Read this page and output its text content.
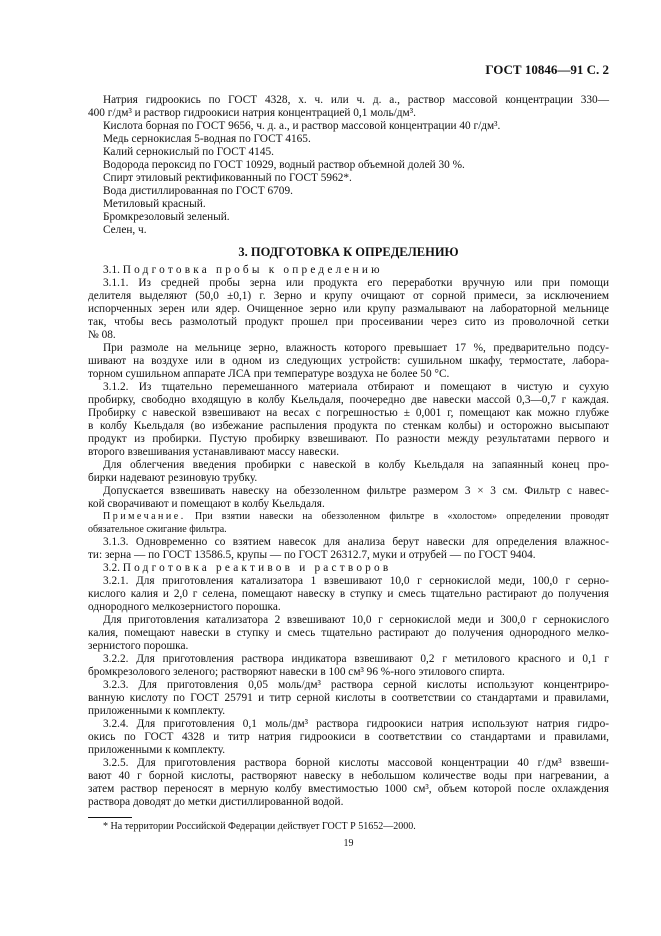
ГОСТ 10846—91 С. 2
Натрия гидроокись по ГОСТ 4328, х. ч. или ч. д. а., раствор массовой концентрации 330—
400 г/дм³ и раствор гидроокиси натрия концентрацией 0,1 моль/дм³.
Кислота борная по ГОСТ 9656, ч. д. а., и раствор массовой концентрации 40 г/дм³.
Медь сернокислая 5-водная по ГОСТ 4165.
Калий сернокислый по ГОСТ 4145.
Водорода пероксид по ГОСТ 10929, водный раствор объемной долей 30 %.
Спирт этиловый ректификованный по ГОСТ 5962*.
Вода дистиллированная по ГОСТ 6709.
Метиловый красный.
Бромкрезоловый зеленый.
Селен, ч.
3. ПОДГОТОВКА К ОПРЕДЕЛЕНИЮ
3.1. Подготовка пробы к определению
3.1.1. Из средней пробы зерна или продукта его переработки вручную или при помощи
делителя выделяют (50,0 ±0,1) г. Зерно и крупу очищают от сорной примеси, за исключением
испорченных зерен или ядер. Очищенное зерно или крупу размалывают на лабораторной мельнице
так, чтобы весь размолотый продукт прошел при просеивании через сито из проволочной сетки
№ 08.
При размоле на мельнице зерно, влажность которого превышает 17 %, предварительно подсу-
шивают на воздухе или в одном из следующих устройств: сушильном шкафу, термостате, лабора-
торном сушильном аппарате ЛСА при температуре воздуха не более 50 °С.
3.1.2. Из тщательно перемешанного материала отбирают и помещают в чистую и сухую
пробирку, свободно входящую в колбу Кьельдаля, поочередно две навески массой 0,3—0,7 г каждая.
Пробирку с навеской взвешивают на весах с погрешностью ± 0,001 г, помещают как можно глубже
в колбу Кьельдаля (во избежание распыления продукта по стенкам колбы) и осторожно высыпают
продукт из пробирки. Пустую пробирку взвешивают. По разности между результатами первого и
второго взвешивания устанавливают массу навески.
Для облегчения введения пробирки с навеской в колбу Кьельдаля на запаянный конец про-
бирки надевают резиновую трубку.
Допускается взвешивать навеску на обеззоленном фильтре размером 3 × 3 см. Фильтр с навес-
кой сворачивают и помещают в колбу Кьельдаля.
Примечание. При взятии навески на обеззоленном фильтре в «холостом» определении проводят
обязательное сжигание фильтра.
3.1.3. Одновременно со взятием навесок для анализа берут навески для определения влажнос-
ти: зерна — по ГОСТ 13586.5, крупы — по ГОСТ 26312.7, муки и отрубей — по ГОСТ 9404.
3.2. Подготовка реактивов и растворов
3.2.1. Для приготовления катализатора 1 взвешивают 10,0 г сернокислой меди, 100,0 г серно-
кислого калия и 2,0 г селена, помещают навеску в ступку и смесь тщательно растирают до получения
однородного мелкозернистого порошка.
Для приготовления катализатора 2 взвешивают 10,0 г сернокислой меди и 300,0 г сернокислого
калия, помещают навески в ступку и смесь тщательно растирают до получения однородного мелко-
зернистого порошка.
3.2.2. Для приготовления раствора индикатора взвешивают 0,2 г метилового красного и 0,1 г
бромкрезолового зеленого; растворяют навески в 100 см³ 96 %-ного этилового спирта.
3.2.3. Для приготовления 0,05 моль/дм³ раствора серной кислоты используют концентриро-
ванную кислоту по ГОСТ 25791 и титр серной кислоты в соответствии со стандартами и правилами,
приложенными к комплекту.
3.2.4. Для приготовления 0,1 моль/дм³ раствора гидроокиси натрия используют натрия гидро-
окись по ГОСТ 4328 и титр натрия гидроокиси в соответствии со стандартами и правилами,
приложенными к комплекту.
3.2.5. Для приготовления раствора борной кислоты массовой концентрации 40 г/дм³ взвеши-
вают 40 г борной кислоты, растворяют навеску в небольшом количестве воды при нагревании, а
затем раствор переносят в мерную колбу вместимостью 1000 см³, объем которой после охлаждения
раствора доводят до метки дистиллированной водой.
* На территории Российской Федерации действует ГОСТ Р 51652—2000.
19
